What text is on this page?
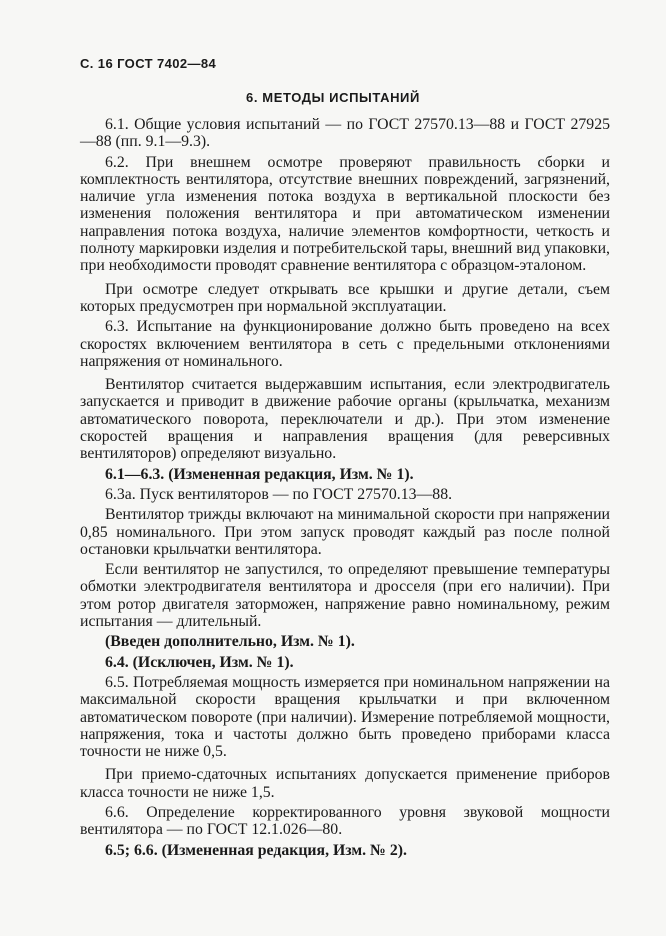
С. 16 ГОСТ 7402—84
6. МЕТОДЫ ИСПЫТАНИЙ

6.1. Общие условия испытаний — по ГОСТ 27570.13—88 и ГОСТ 27925—88 (пп. 9.1—9.3).

6.2. При внешнем осмотре проверяют правильность сборки и комплектность вентилятора, отсутствие внешних повреждений, загрязнений, наличие угла изменения потока воздуха в вертикальной плоскости без изменения положения вентилятора и при автоматическом изменении направления потока воздуха, наличие элементов комфортности, четкость и полноту маркировки изделия и потребительской тары, внешний вид упаковки, при необходимости проводят сравнение вентилятора с образцом-эталоном.

При осмотре следует открывать все крышки и другие детали, съем которых предусмотрен при нормальной эксплуатации.

6.3. Испытание на функционирование должно быть проведено на всех скоростях включением вентилятора в сеть с предельными отклонениями напряжения от номинального.

Вентилятор считается выдержавшим испытания, если электродвигатель запускается и приводит в движение рабочие органы (крыльчатка, механизм автоматического поворота, переключатели и др.). При этом изменение скоростей вращения и направления вращения (для реверсивных вентиляторов) определяют визуально.

6.1—6.3. (Измененная редакция, Изм. № 1).

6.3а. Пуск вентиляторов — по ГОСТ 27570.13—88.

Вентилятор трижды включают на минимальной скорости при напряжении 0,85 номинального. При этом запуск проводят каждый раз после полной остановки крыльчатки вентилятора.

Если вентилятор не запустился, то определяют превышение температуры обмотки электродвигателя вентилятора и дросселя (при его наличии). При этом ротор двигателя заторможен, напряжение равно номинальному, режим испытания — длительный.

(Введен дополнительно, Изм. № 1).

6.4. (Исключен, Изм. № 1).

6.5. Потребляемая мощность измеряется при номинальном напряжении на максимальной скорости вращения крыльчатки и при включенном автоматическом повороте (при наличии). Измерение потребляемой мощности, напряжения, тока и частоты должно быть проведено приборами класса точности не ниже 0,5.

При приемо-сдаточных испытаниях допускается применение приборов класса точности не ниже 1,5.

6.6. Определение корректированного уровня звуковой мощности вентилятора — по ГОСТ 12.1.026—80.

6.5; 6.6. (Измененная редакция, Изм. № 2).
